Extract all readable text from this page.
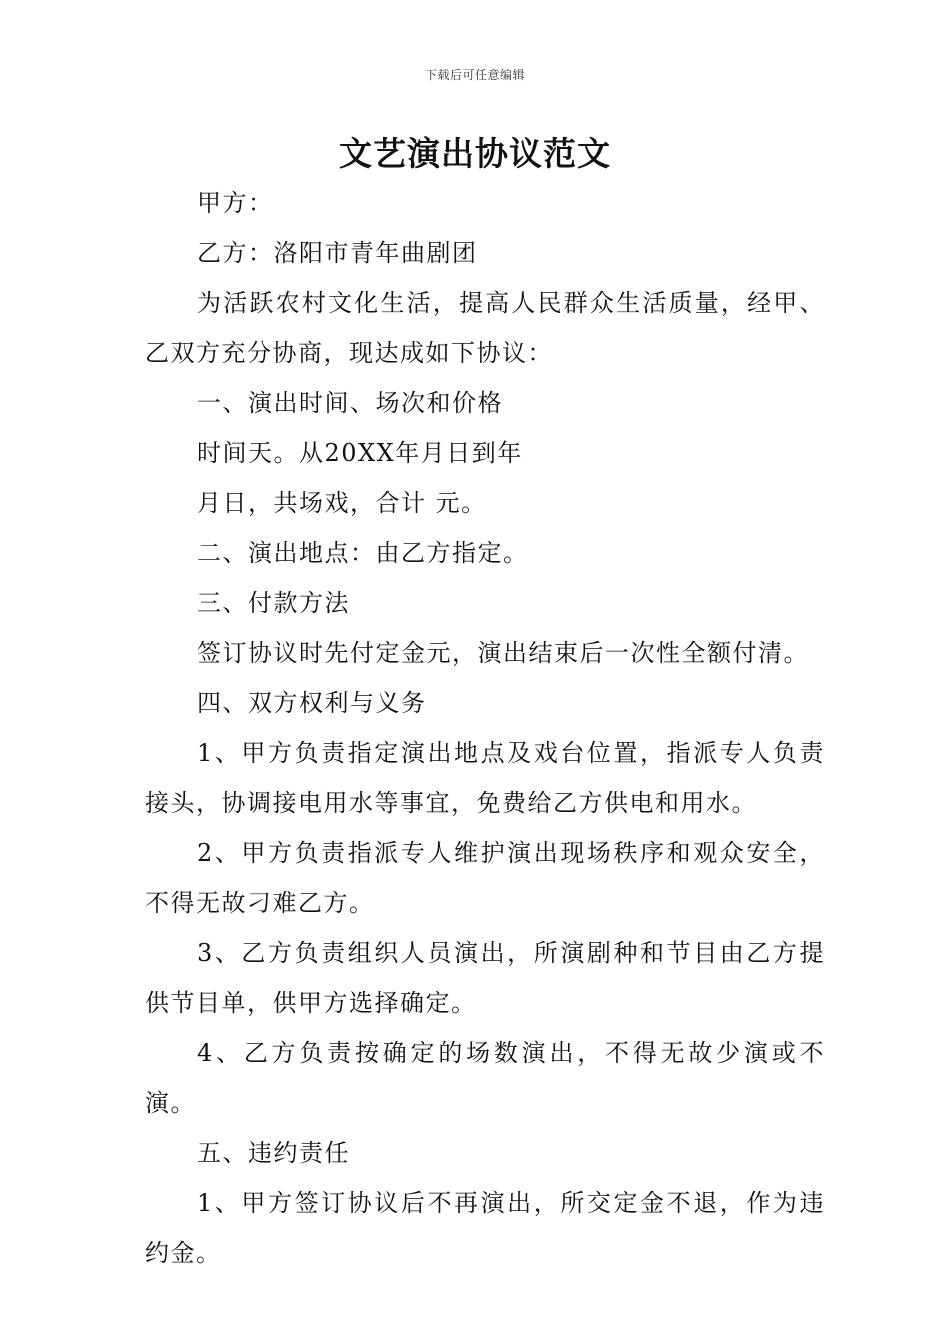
下载后可任意编辑
文艺演出协议范文

甲方：

乙方：洛阳市青年曲剧团

为活跃农村文化生活，提高人民群众生活质量，经甲、乙双方充分协商，现达成如下协议：

一、演出时间、场次和价格

时间天。从20XX年月日到年

月日，共场戏，合计 元。

二、演出地点：由乙方指定。

三、付款方法

签订协议时先付定金元，演出结束后一次性全额付清。

四、双方权利与义务

1、甲方负责指定演出地点及戏台位置，指派专人负责接头，协调接电用水等事宜，免费给乙方供电和用水。

2、甲方负责指派专人维护演出现场秩序和观众安全，不得无故刁难乙方。

3、乙方负责组织人员演出，所演剧种和节目由乙方提供节目单，供甲方选择确定。

4、乙方负责按确定的场数演出，不得无故少演或不演。

五、违约责任

1、甲方签订协议后不再演出，所交定金不退，作为违约金。
